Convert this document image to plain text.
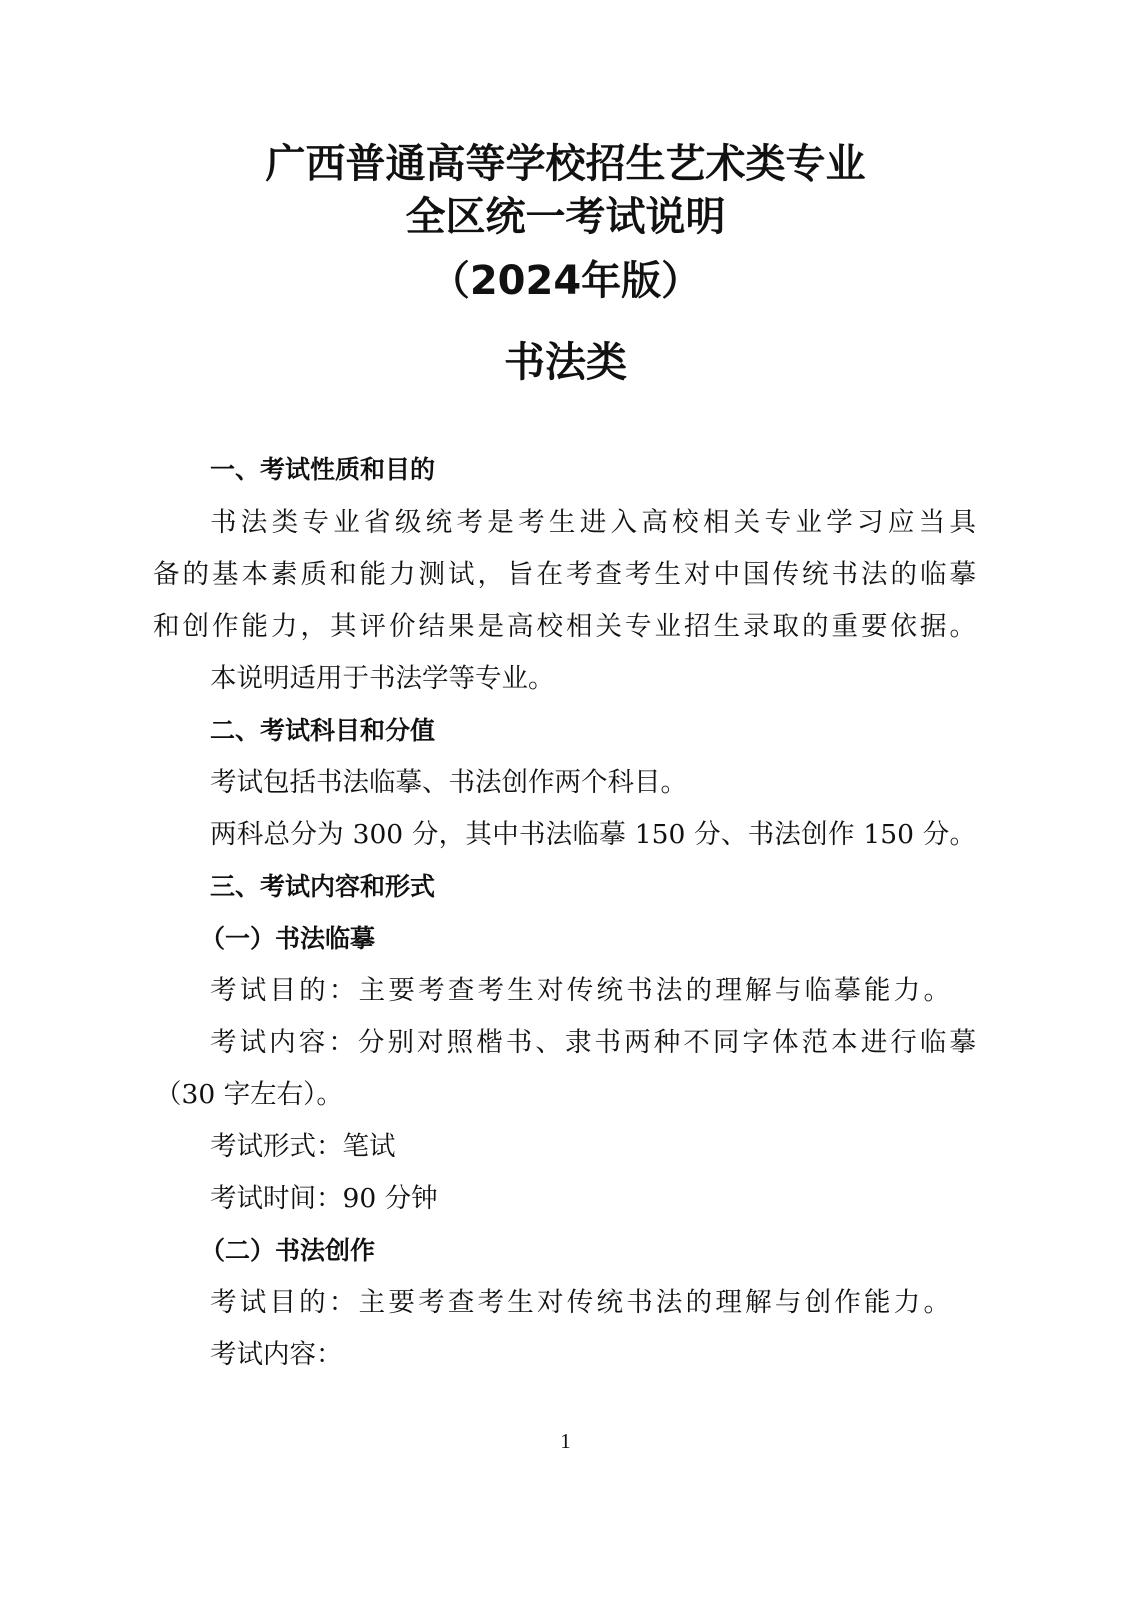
广西普通高等学校招生艺术类专业
全区统一考试说明
（2024年版）
书法类
一、考试性质和目的
书法类专业省级统考是考生进入高校相关专业学习应当具
备的基本素质和能力测试，旨在考查考生对中国传统书法的临摹
和创作能力，其评价结果是高校相关专业招生录取的重要依据。
本说明适用于书法学等专业。
二、考试科目和分值
考试包括书法临摹、书法创作两个科目。
两科总分为 300 分，其中书法临摹 150 分、书法创作 150 分。
三、考试内容和形式
（一）书法临摹
考试目的：主要考查考生对传统书法的理解与临摹能力。
考试内容：分别对照楷书、隶书两种不同字体范本进行临摹
（30 字左右）。
考试形式：笔试
考试时间：90 分钟
（二）书法创作
考试目的：主要考查考生对传统书法的理解与创作能力。
考试内容：
1
